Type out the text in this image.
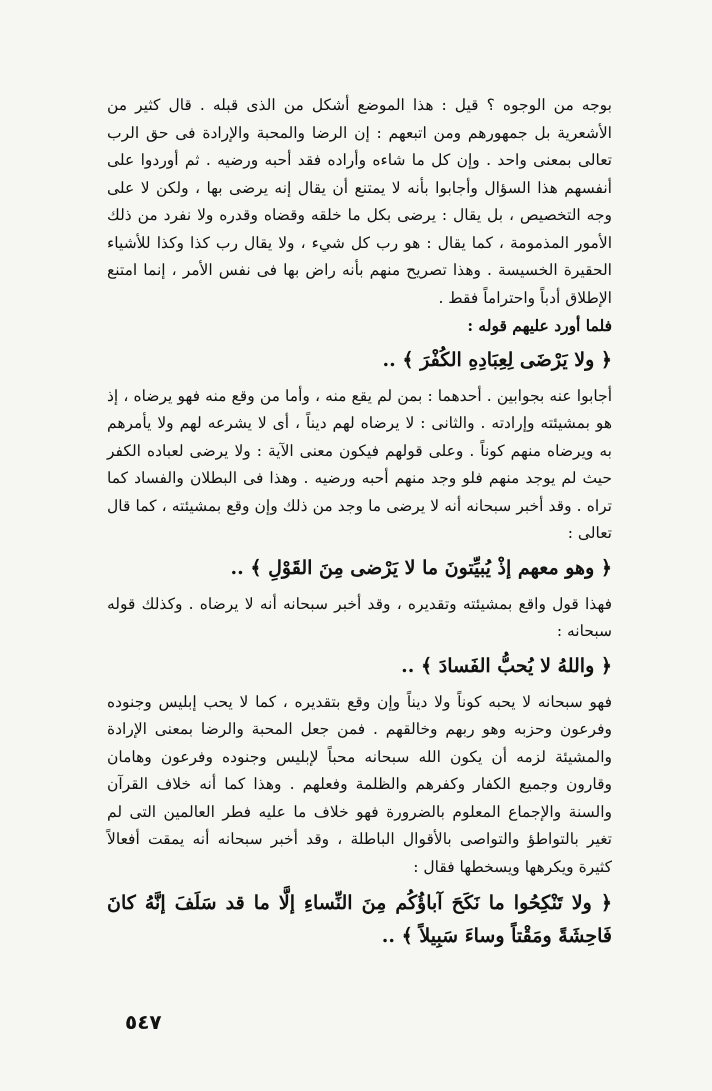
بوجه من الوجوه ؟ قيل : هذا الموضع أشكل من الذى قبله . قال كثير من الأشعرية بل جمهورهم ومن اتبعهم : إن الرضا والمحبة والإرادة فى حق الرب تعالى بمعنى واحد . وإن كل ما شاءه وأراده فقد أحبه ورضيه . ثم أوردوا على أنفسهم هذا السؤال وأجابوا بأنه لا يمتنع أن يقال إنه يرضى بها ، ولكن لا على وجه التخصيص ، بل يقال : يرضى بكل ما خلقه وقضاه وقدره ولا نفرد من ذلك الأمور المذمومة ، كما يقال : هو رب كل شيء ، ولا يقال رب كذا وكذا للأشياء الحقيرة الخسيسة . وهذا تصريح منهم بأنه راض بها فى نفس الأمر ، إنما امتنع الإطلاق أدباً واحتراماً فقط .

فلما أورد عليهم قوله :

﴿ ولا يَرْضَى لِعِبَادِهِ الكُفْرَ ﴾ ..

أجابوا عنه بجوابين . أحدهما : بمن لم يقع منه ، وأما من وقع منه فهو يرضاه ، إذ هو بمشيئته وإرادته . والثانى : لا يرضاه لهم ديناً ، أى لا يشرعه لهم ولا يأمرهم به ويرضاه منهم كوناً . وعلى قولهم فيكون معنى الآية : ولا يرضى لعباده الكفر حيث لم يوجد منهم فلو وجد منهم أحبه ورضيه . وهذا فى البطلان والفساد كما تراه . وقد أخبر سبحانه أنه لا يرضى ما وجد من ذلك وإن وقع بمشيئته ، كما قال تعالى :

﴿ وهو معهم إذْ يُبيِّتونَ ما لا يَرْضى مِنَ القَوْلِ ﴾ ..

فهذا قول واقع بمشيئته وتقديره ، وقد أخبر سبحانه أنه لا يرضاه . وكذلك قوله سبحانه :

﴿ واللهُ لا يُحبُّ الفَسادَ ﴾ ..

فهو سبحانه لا يحبه كوناً ولا ديناً وإن وقع بتقديره ، كما لا يحب إبليس وجنوده وفرعون وحزبه وهو ربهم وخالقهم . فمن جعل المحبة والرضا بمعنى الإرادة والمشيئة لزمه أن يكون الله سبحانه محباً لإبليس وجنوده وفرعون وهامان وقارون وجميع الكفار وكفرهم والظلمة وفعلهم . وهذا كما أنه خلاف القرآن والسنة والإجماع المعلوم بالضرورة فهو خلاف ما عليه فطر العالمين التى لم تغير بالتواطؤ والتواصى بالأقوال الباطلة ، وقد أخبر سبحانه أنه يمقت أفعالاً كثيرة ويكرهها ويسخطها فقال :

﴿ ولا تَنْكِحُوا ما نَكَحَ آباؤُكُم مِنَ النِّساءِ إلَّا ما قد سَلَفَ إنَّهُ كانَ فَاحِشَةً ومَقْتاً وساءَ سَبِيلاً ﴾ ..

٥٤٧
